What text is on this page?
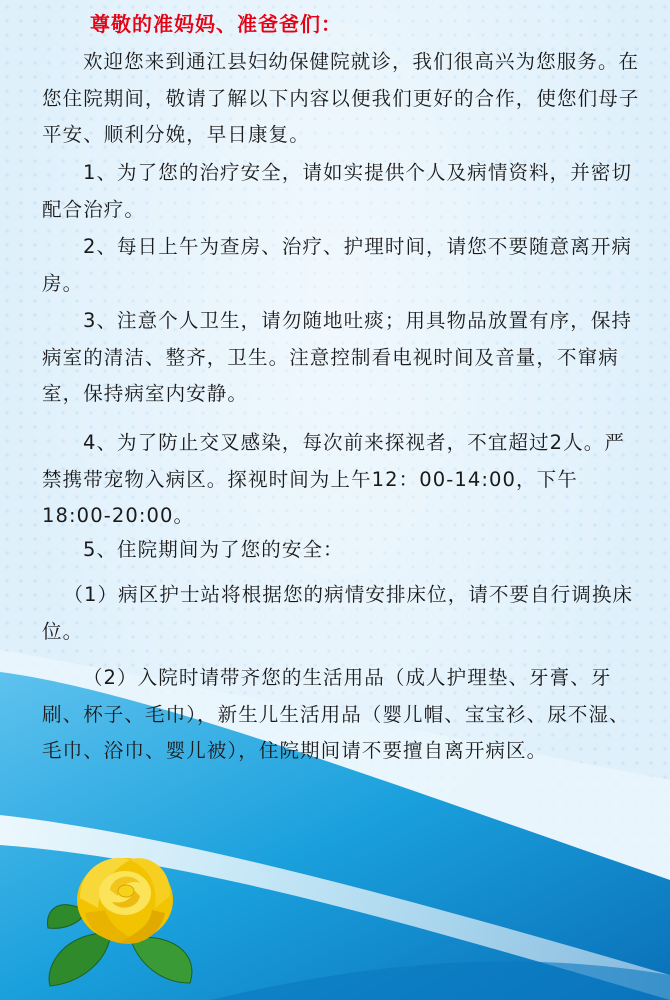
尊敬的准妈妈、准爸爸们：

欢迎您来到通江县妇幼保健院就诊，我们很高兴为您服务。在您住院期间，敬请了解以下内容以便我们更好的合作，使您们母子平安、顺利分娩，早日康复。

1、为了您的治疗安全，请如实提供个人及病情资料，并密切配合治疗。

2、每日上午为查房、治疗、护理时间，请您不要随意离开病房。

3、注意个人卫生，请勿随地吐痰；用具物品放置有序，保持病室的清洁、整齐，卫生。注意控制看电视时间及音量，不窜病室，保持病室内安静。

4、为了防止交叉感染，每次前来探视者，不宜超过2人。严禁携带宠物入病区。探视时间为上午12：00-14:00，下午18:00-20:00。

5、住院期间为了您的安全：

（1）病区护士站将根据您的病情安排床位，请不要自行调换床位。

（2）入院时请带齐您的生活用品（成人护理垫、牙膏、牙刷、杯子、毛巾），新生儿生活用品（婴儿帽、宝宝衫、尿不湿、毛巾、浴巾、婴儿被），住院期间请不要擅自离开病区。
